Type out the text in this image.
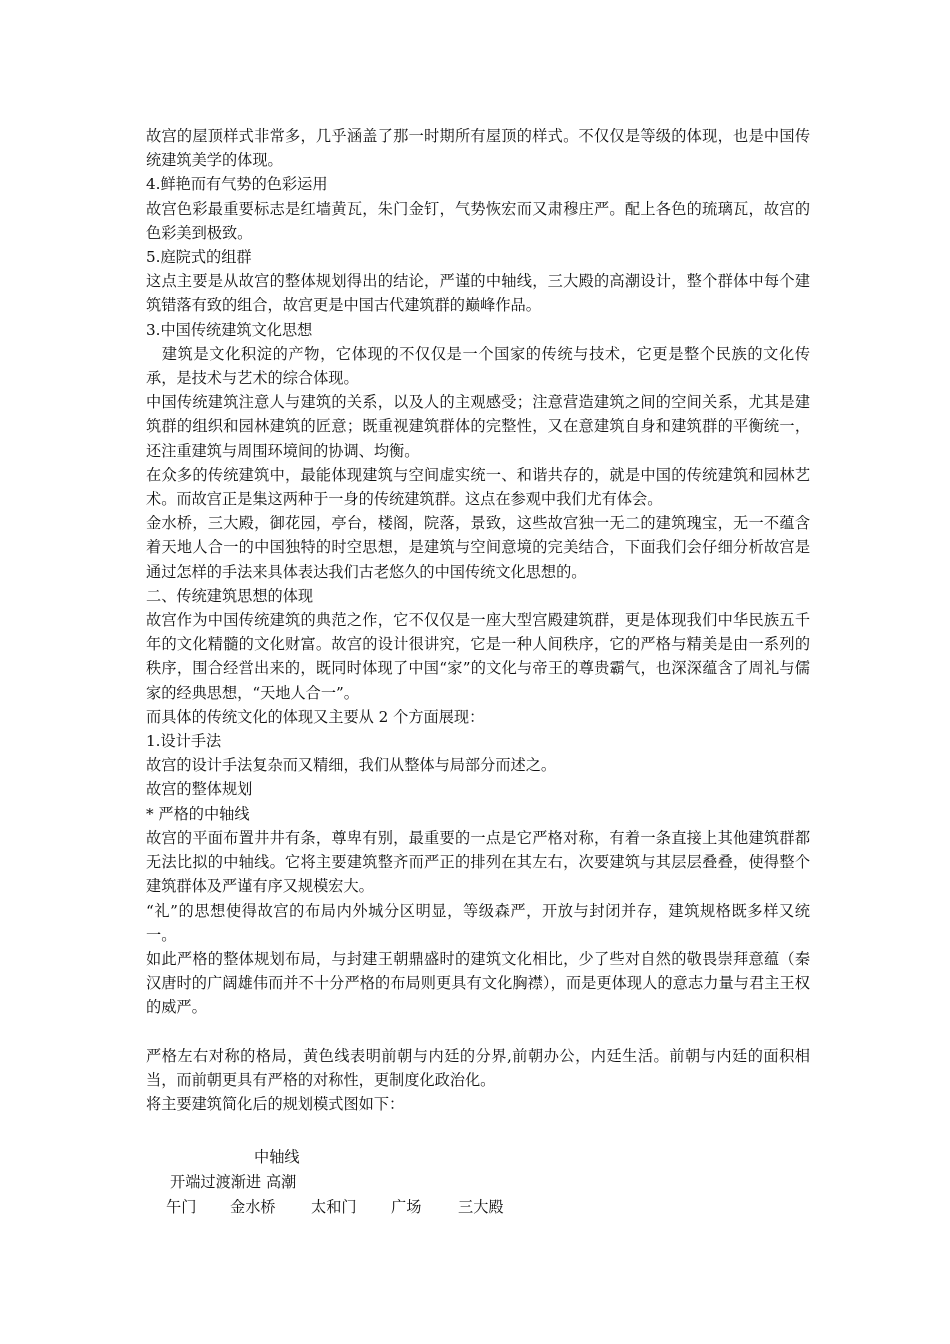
故宫的屋顶样式非常多，几乎涵盖了那一时期所有屋顶的样式。不仅仅是等级的体现，也是中国传统建筑美学的体现。

4.鲜艳而有气势的色彩运用

故宫色彩最重要标志是红墙黄瓦，朱门金钉，气势恢宏而又肃穆庄严。配上各色的琉璃瓦，故宫的色彩美到极致。

5.庭院式的组群

这点主要是从故宫的整体规划得出的结论，严谨的中轴线，三大殿的高潮设计，整个群体中每个建筑错落有致的组合，故宫更是中国古代建筑群的巅峰作品。

3.中国传统建筑文化思想

　建筑是文化积淀的产物，它体现的不仅仅是一个国家的传统与技术，它更是整个民族的文化传承，是技术与艺术的综合体现。

中国传统建筑注意人与建筑的关系，以及人的主观感受；注意营造建筑之间的空间关系，尤其是建筑群的组织和园林建筑的匠意；既重视建筑群体的完整性，又在意建筑自身和建筑群的平衡统一，还注重建筑与周围环境间的协调、均衡。

在众多的传统建筑中，最能体现建筑与空间虚实统一、和谐共存的，就是中国的传统建筑和园林艺术。而故宫正是集这两种于一身的传统建筑群。这点在参观中我们尤有体会。

金水桥，三大殿，御花园，亭台，楼阁，院落，景致，这些故宫独一无二的建筑瑰宝，无一不蕴含着天地人合一的中国独特的时空思想，是建筑与空间意境的完美结合，下面我们会仔细分析故宫是通过怎样的手法来具体表达我们古老悠久的中国传统文化思想的。

二、传统建筑思想的体现

故宫作为中国传统建筑的典范之作，它不仅仅是一座大型宫殿建筑群，更是体现我们中华民族五千年的文化精髓的文化财富。故宫的设计很讲究，它是一种人间秩序，它的严格与精美是由一系列的秩序，围合经営出来的，既同时体现了中国“家”的文化与帝王的尊贵霸气，也深深蕴含了周礼与儒家的经典思想，“天地人合一”。

而具体的传统文化的体现又主要从 2 个方面展现：

1.设计手法

故宫的设计手法复杂而又精细，我们从整体与局部分而述之。

故宫的整体规划

* 严格的中轴线

故宫的平面布置井井有条，尊卑有别，最重要的一点是它严格对称，有着一条直接上其他建筑群都无法比拟的中轴线。它将主要建筑整齐而严正的排列在其左右，次要建筑与其层层叠叠，使得整个建筑群体及严谨有序又规模宏大。

“礼”的思想使得故宫的布局内外城分区明显，等级森严，开放与封闭并存，建筑规格既多样又统一。

如此严格的整体规划布局，与封建王朝鼎盛时的建筑文化相比，少了些对自然的敬畏崇拜意蕴（秦汉唐时的广阔雄伟而并不十分严格的布局则更具有文化胸襟），而是更体现人的意志力量与君主王权的威严。

严格左右对称的格局，黄色线表明前朝与内廷的分界,前朝办公，内廷生活。前朝与内廷的面积相当，而前朝更具有严格的对称性，更制度化政治化。

将主要建筑简化后的规划模式图如下：

中轴线
开端过渡渐进 高潮
午门 金水桥 太和门 广场 三大殿
